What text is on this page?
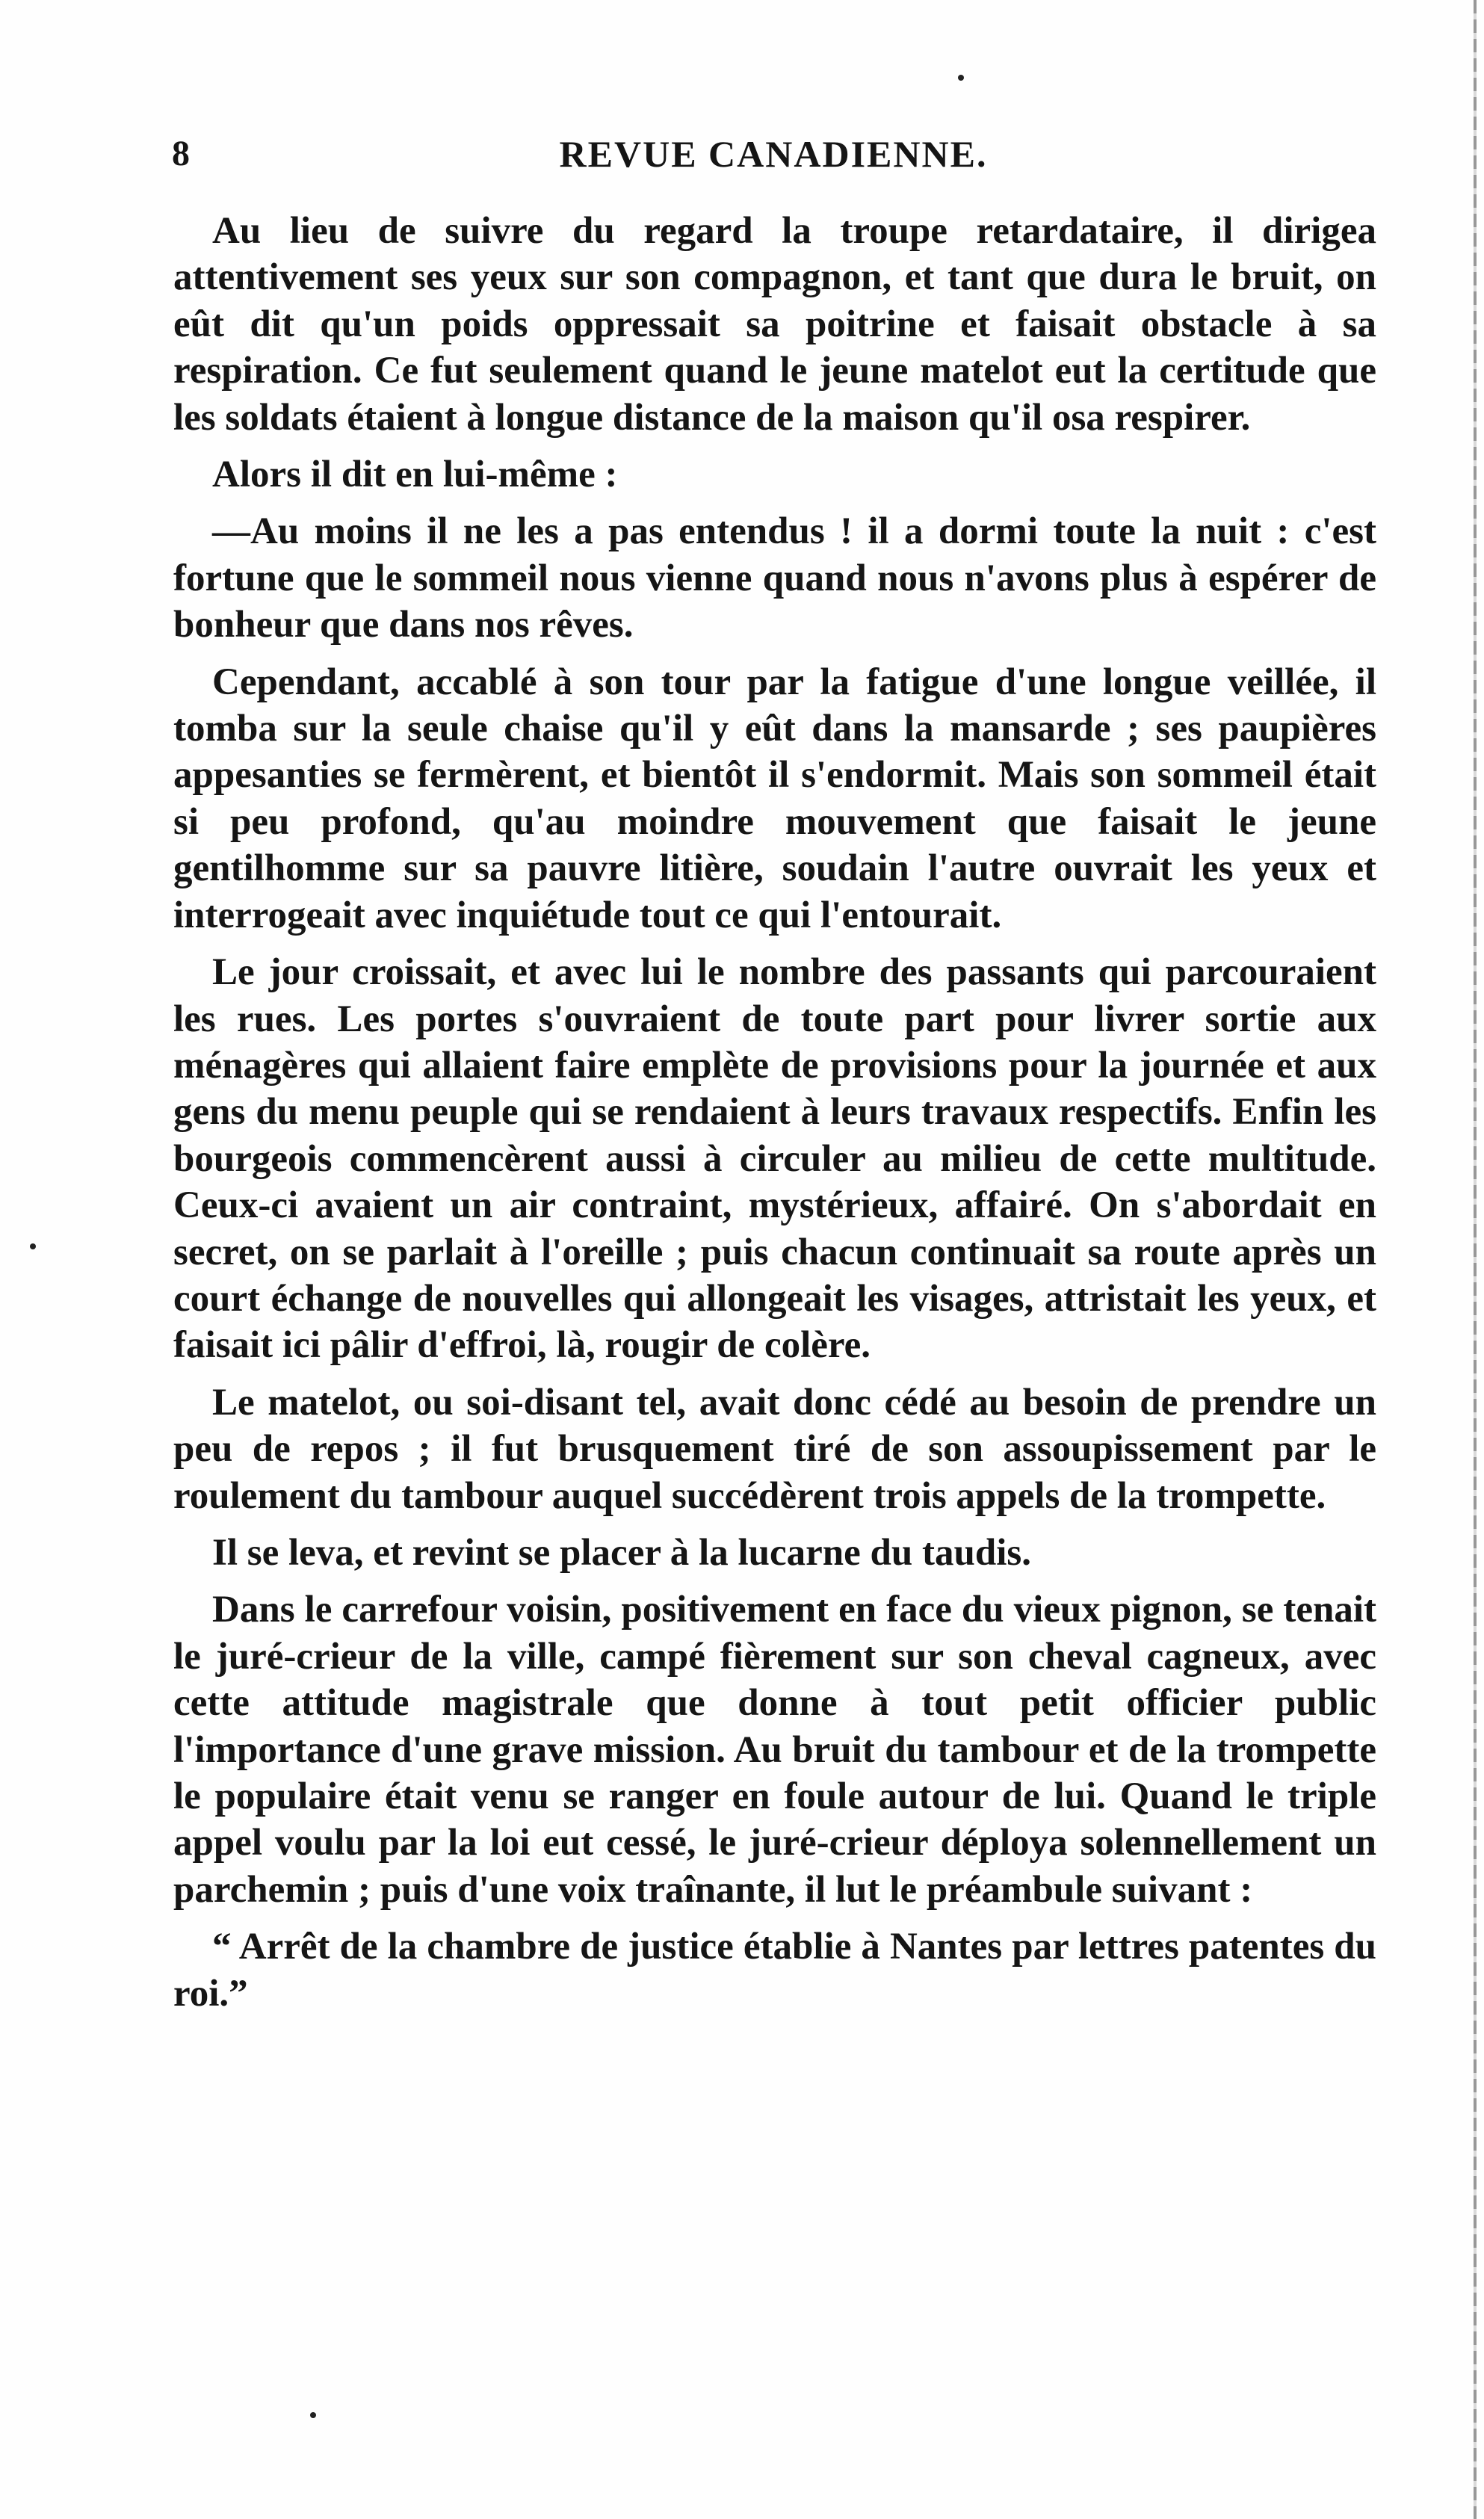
8	REVUE CANADIENNE.

Au lieu de suivre du regard la troupe retardataire, il dirigea attentivement ses yeux sur son compagnon, et tant que dura le bruit, on eût dit qu'un poids oppressait sa poitrine et faisait obstacle à sa respiration. Ce fut seulement quand le jeune matelot eut la certitude que les soldats étaient à longue distance de la maison qu'il osa respirer.

Alors il dit en lui-même :

—Au moins il ne les a pas entendus ! il a dormi toute la nuit : c'est fortune que le sommeil nous vienne quand nous n'avons plus à espérer de bonheur que dans nos rêves.

Cependant, accablé à son tour par la fatigue d'une longue veillée, il tomba sur la seule chaise qu'il y eût dans la mansarde ; ses paupières appesanties se fermèrent, et bientôt il s'endormit. Mais son sommeil était si peu profond, qu'au moindre mouvement que faisait le jeune gentilhomme sur sa pauvre litière, soudain l'autre ouvrait les yeux et interrogeait avec inquiétude tout ce qui l'entourait.

Le jour croissait, et avec lui le nombre des passants qui parcouraient les rues. Les portes s'ouvraient de toute part pour livrer sortie aux ménagères qui allaient faire emplète de provisions pour la journée et aux gens du menu peuple qui se rendaient à leurs travaux respectifs. Enfin les bourgeois commencèrent aussi à circuler au milieu de cette multitude. Ceux-ci avaient un air contraint, mystérieux, affairé. On s'abordait en secret, on se parlait à l'oreille ; puis chacun continuait sa route après un court échange de nouvelles qui allongeait les visages, attristait les yeux, et faisait ici pâlir d'effroi, là, rougir de colère.

Le matelot, ou soi-disant tel, avait donc cédé au besoin de prendre un peu de repos ; il fut brusquement tiré de son assoupissement par le roulement du tambour auquel succédèrent trois appels de la trompette.

Il se leva, et revint se placer à la lucarne du taudis.

Dans le carrefour voisin, positivement en face du vieux pignon, se tenait le juré-crieur de la ville, campé fièrement sur son cheval cagneux, avec cette attitude magistrale que donne à tout petit officier public l'importance d'une grave mission. Au bruit du tambour et de la trompette le populaire était venu se ranger en foule autour de lui. Quand le triple appel voulu par la loi eut cessé, le juré-crieur déploya solennellement un parchemin ; puis d'une voix traînante, il lut le préambule suivant :

“ Arrêt de la chambre de justice établie à Nantes par lettres patentes du roi.”
